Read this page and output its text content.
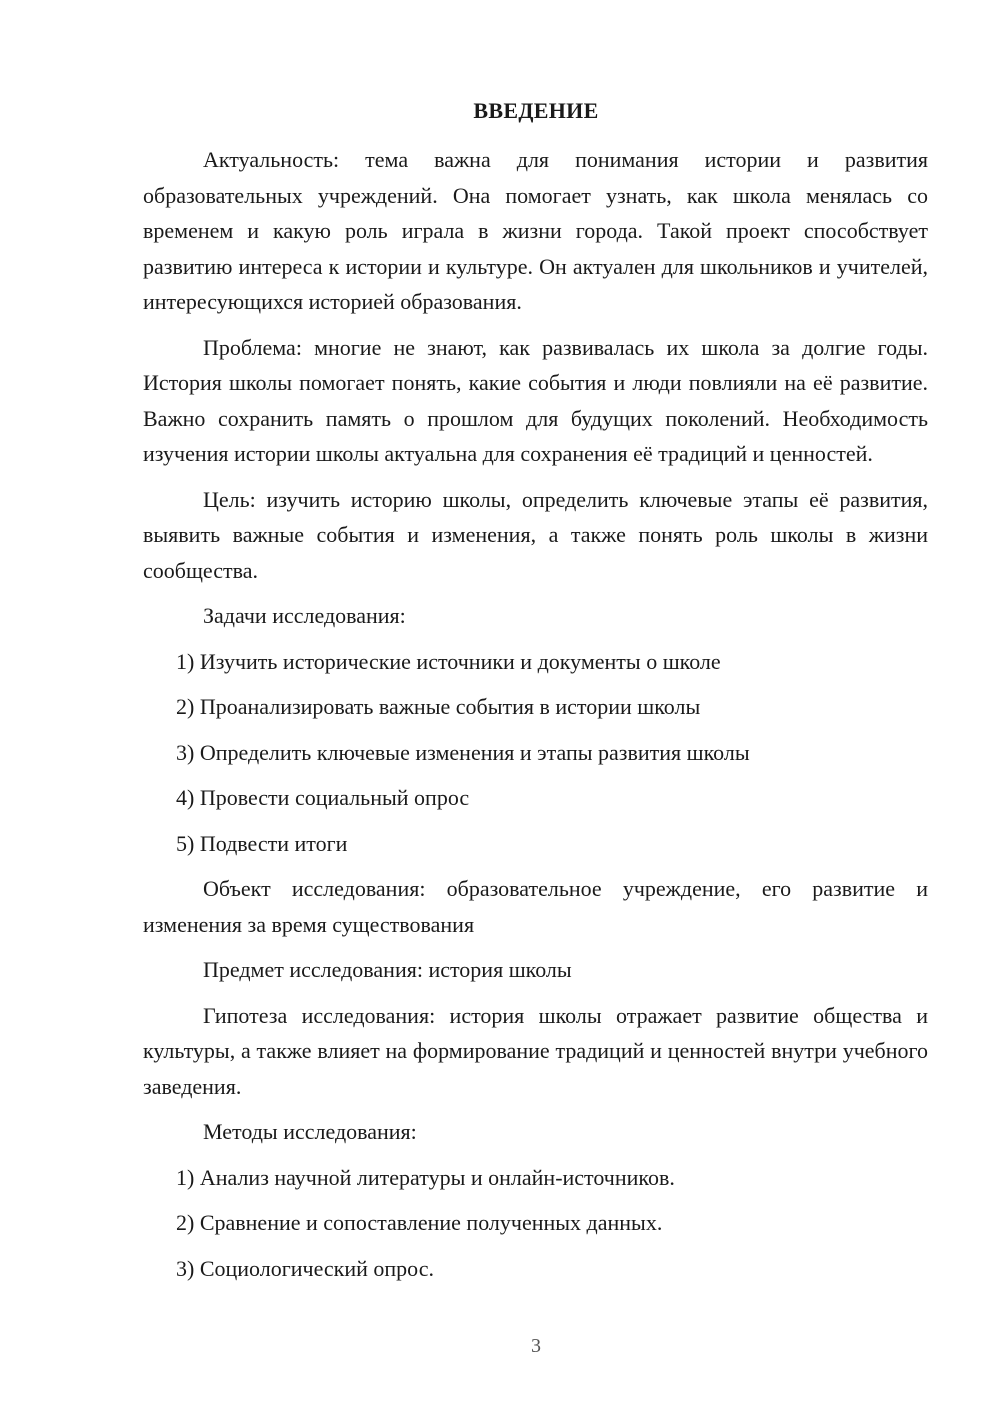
ВВЕДЕНИЕ

Актуальность: тема важна для понимания истории и развития образовательных учреждений. Она помогает узнать, как школа менялась со временем и какую роль играла в жизни города. Такой проект способствует развитию интереса к истории и культуре. Он актуален для школьников и учителей, интересующихся историей образования.

Проблема: многие не знают, как развивалась их школа за долгие годы. История школы помогает понять, какие события и люди повлияли на её развитие. Важно сохранить память о прошлом для будущих поколений. Необходимость изучения истории школы актуальна для сохранения её традиций и ценностей.

Цель: изучить историю школы, определить ключевые этапы её развития, выявить важные события и изменения, а также понять роль школы в жизни сообщества.

Задачи исследования:

1) Изучить исторические источники и документы о школе

2) Проанализировать важные события в истории школы

3) Определить ключевые изменения и этапы развития школы

4) Провести социальный опрос

5) Подвести итоги

Объект исследования: образовательное учреждение, его развитие и изменения за время существования

Предмет исследования: история школы

Гипотеза исследования: история школы отражает развитие общества и культуры, а также влияет на формирование традиций и ценностей внутри учебного заведения.

Методы исследования:

1) Анализ научной литературы и онлайн-источников.

2) Сравнение и сопоставление полученных данных.

3) Социологический опрос.

3
